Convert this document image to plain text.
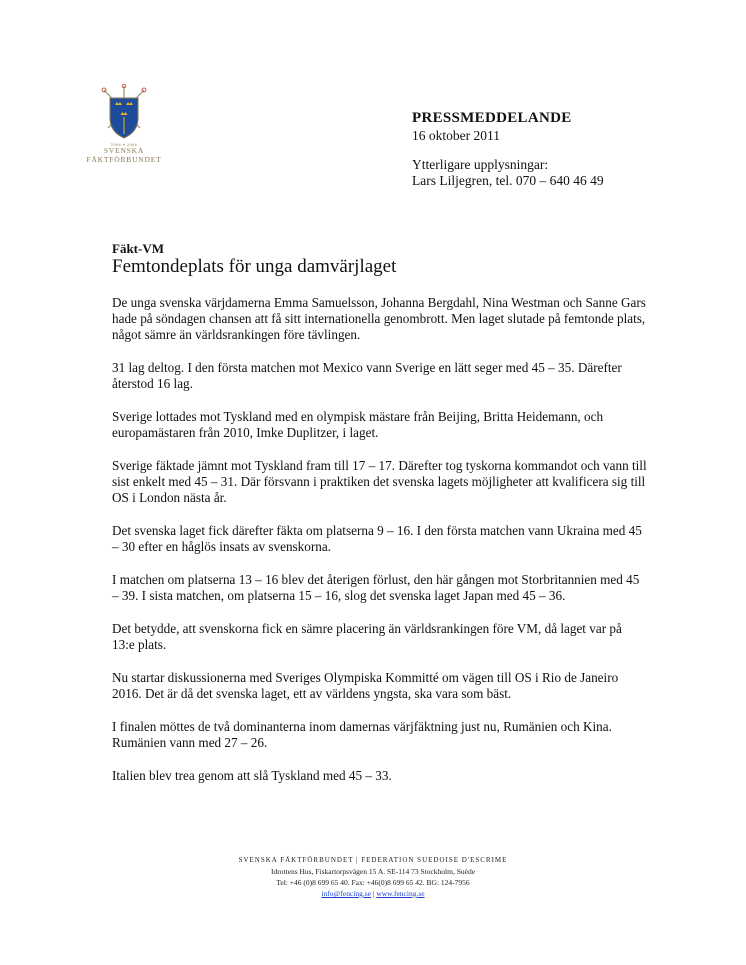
1906 ✦ 2006
SVENSKA
FÄKTFÖRBUNDET
PRESSMEDDELANDE
16 oktober 2011
Ytterligare upplysningar:
Lars Liljegren, tel. 070 – 640 46 49
Fäkt-VM
Femtondeplats för unga damvärjlaget

De unga svenska värjdamerna Emma Samuelsson, Johanna Bergdahl, Nina Westman och Sanne Gars hade på söndagen chansen att få sitt internationella genombrott. Men laget slutade på femtonde plats, något sämre än världsrankingen före tävlingen.

31 lag deltog. I den första matchen mot Mexico vann Sverige en lätt seger med 45 – 35. Därefter återstod 16 lag.

Sverige lottades mot Tyskland med en olympisk mästare från Beijing, Britta Heidemann, och europamästaren från 2010, Imke Duplitzer, i laget.

Sverige fäktade jämnt mot Tyskland fram till 17 – 17. Därefter tog tyskorna kommandot och vann till sist enkelt med 45 – 31. Där försvann i praktiken det svenska lagets möjligheter att kvalificera sig till OS i London nästa år.

Det svenska laget fick därefter fäkta om platserna 9 – 16. I den första matchen vann Ukraina med 45 – 30 efter en håglös insats av svenskorna.

I matchen om platserna 13 – 16 blev det återigen förlust, den här gången mot Storbritannien med 45 – 39. I sista matchen, om platserna 15 – 16, slog det svenska laget Japan med 45 – 36.

Det betydde, att svenskorna fick en sämre placering än världsrankingen före VM, då laget var på 13:e plats.

Nu startar diskussionerna med Sveriges Olympiska Kommitté om vägen till OS i Rio de Janeiro 2016. Det är då det svenska laget, ett av världens yngsta, ska vara som bäst.

I finalen möttes de två dominanterna inom damernas värjfäktning just nu, Rumänien och Kina. Rumänien vann med 27 – 26.

Italien blev trea genom att slå Tyskland med 45 – 33.

SVENSKA FÄKTFÖRBUNDET | FEDERATION SUEDOISE D'ESCRIME
Idrottens Hus, Fiskartorpsvägen 15 A. SE-114 73 Stockholm, Suède
Tel: +46 (0)8 699 65 40. Fax: +46(0)8 699 65 42. BG: 124-7956
info@fencing.se | www.fencing.se
